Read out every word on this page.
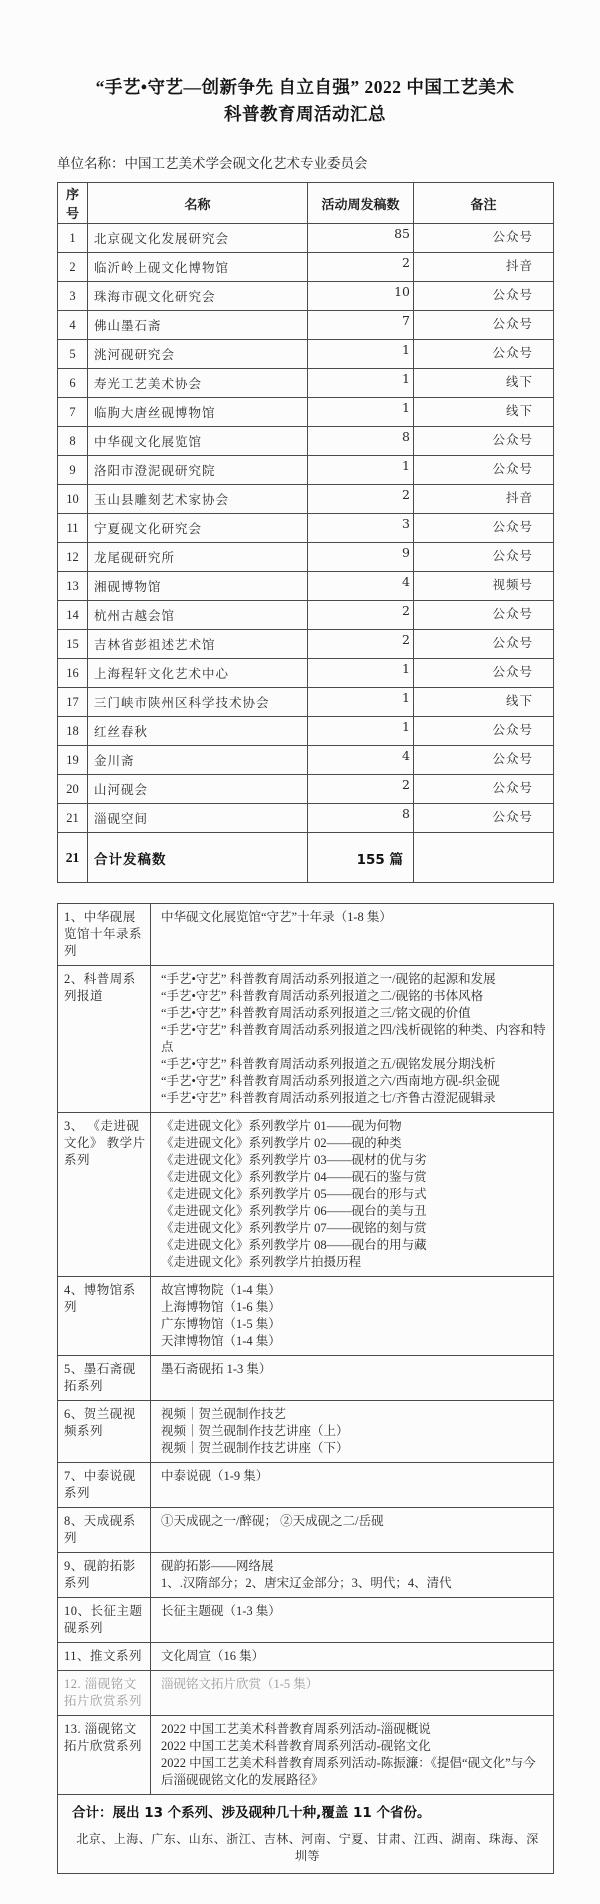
“手艺•守艺—创新争先 自立自强” 2022 中国工艺美术
科普教育周活动汇总
单位名称：中国工艺美术学会砚文化艺术专业委员会
序号	名称	活动周发稿数	备注
1	北京砚文化发展研究会	85	公众号
2	临沂岭上砚文化博物馆	2	抖音
3	珠海市砚文化研究会	10	公众号
4	佛山墨石斋	7	公众号
5	洮河砚研究会	1	公众号
6	寿光工艺美术协会	1	线下
7	临朐大唐丝砚博物馆	1	线下
8	中华砚文化展览馆	8	公众号
9	洛阳市澄泥砚研究院	1	公众号
10	玉山县雕刻艺术家协会	2	抖音
11	宁夏砚文化研究会	3	公众号
12	龙尾砚研究所	9	公众号
13	湘砚博物馆	4	视频号
14	杭州古越会馆	2	公众号
15	吉林省彭祖述艺术馆	2	公众号
16	上海程轩文化艺术中心	1	公众号
17	三门峡市陕州区科学技术协会	1	线下
18	红丝春秋	1	公众号
19	金川斋	4	公众号
20	山河砚会	2	公众号
21	淄砚空间	8	公众号
21	合计发稿数	155 篇	
1、中华砚展览馆十年录系列	中华砚文化展览馆“守艺”十年录（1-8 集）

2、科普周系列报道	
“手艺•守艺” 科普教育周活动系列报道之一/砚铭的起源和发展
“手艺•守艺” 科普教育周活动系列报道之二/砚铭的书体风格
“手艺•守艺” 科普教育周活动系列报道之三/铭文砚的价值
“手艺•守艺” 科普教育周活动系列报道之四/浅析砚铭的种类、内容和特点
“手艺•守艺” 科普教育周活动系列报道之五/砚铭发展分期浅析
“手艺•守艺” 科普教育周活动系列报道之六/西南地方砚-织金砚
“手艺•守艺” 科普教育周活动系列报道之七/齐鲁古澄泥砚辑录

3、 《走进砚文化》 教学片系列	
《走进砚文化》系列教学片 01——砚为何物
《走进砚文化》系列教学片 02——砚的种类
《走进砚文化》系列教学片 03——砚材的优与劣
《走进砚文化》系列教学片 04——砚石的鉴与赏
《走进砚文化》系列教学片 05——砚台的形与式
《走进砚文化》系列教学片 06——砚台的美与丑
《走进砚文化》系列教学片 07——砚铭的刻与赏
《走进砚文化》系列教学片 08——砚台的用与藏
《走进砚文化》系列教学片拍摄历程

4、博物馆系列	故宫博物院（1-4 集）
上海博物馆（1-6 集）
广东博物馆（1-5 集）
天津博物馆（1-4 集）

5、墨石斋砚拓系列	墨石斋砚拓 1-3 集）

6、贺兰砚视频系列	视频｜贺兰砚制作技艺
视频｜贺兰砚制作技艺讲座（上）
视频｜贺兰砚制作技艺讲座（下）

7、中泰说砚系列	中泰说砚（1-9 集）

8、天成砚系列	①天成砚之一/醉砚； ②天成砚之二/岳砚

9、砚韵拓影系列	砚韵拓影——网络展
1、.汉隋部分；2、唐宋辽金部分；3、明代；4、清代

10、长征主题砚系列	长征主题砚（1-3 集）

11、推文系列	文化周宣（16 集）

12. 淄砚铭文拓片欣赏系列	淄砚铭文拓片欣赏（1-5 集）

13. 淄砚铭文拓片欣赏系列	2022 中国工艺美术科普教育周系列活动-淄砚概说
2022 中国工艺美术科普教育周系列活动-砚铭文化
2022 中国工艺美术科普教育周系列活动-陈振濂：《提倡“砚文化”与今后淄砚砚铭文化的发展路径》

合计：展出 13 个系列、涉及砚种几十种,覆盖 11 个省份。
北京、上海、广东、山东、浙江、吉林、河南、宁夏、甘肃、江西、湖南、珠海、深圳等	
